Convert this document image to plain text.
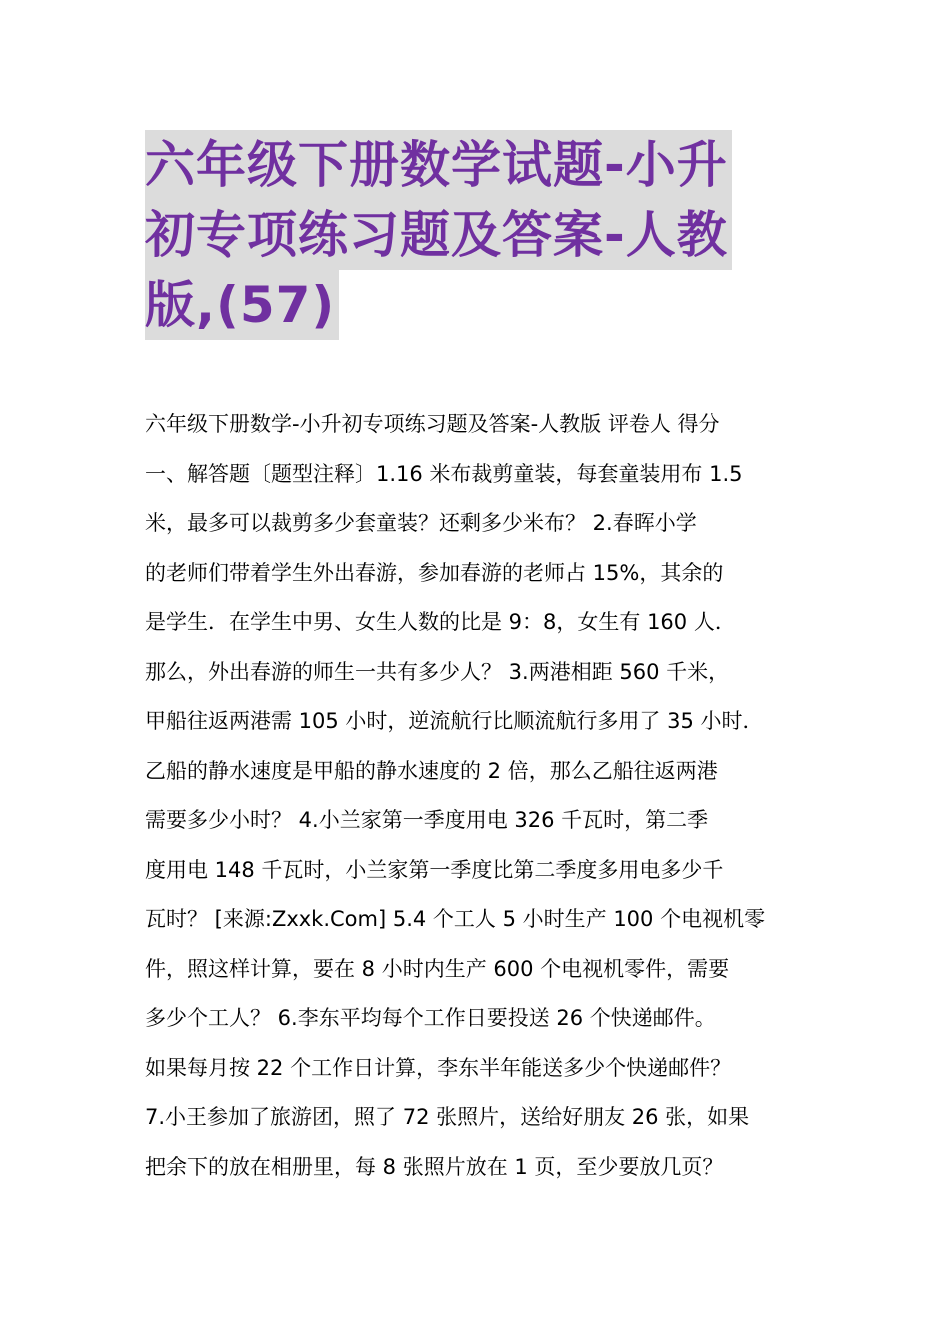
六年级下册数学试题-小升
初专项练习题及答案-人教
版,(57)
六年级下册数学-小升初专项练习题及答案-人教版 评卷人 得分
一、解答题〔题型注释〕1.16 米布裁剪童装，每套童装用布 1.5
米，最多可以裁剪多少套童装？还剩多少米布？ 2.春晖小学
的老师们带着学生外出春游，参加春游的老师占 15%，其余的
是学生．在学生中男、女生人数的比是 9：8，女生有 160 人．
那么，外出春游的师生一共有多少人？ 3.两港相距 560 千米，
甲船往返两港需 105 小时，逆流航行比顺流航行多用了 35 小时．
乙船的静水速度是甲船的静水速度的 2 倍，那么乙船往返两港
需要多少小时？ 4.小兰家第一季度用电 326 千瓦时，第二季
度用电 148 千瓦时，小兰家第一季度比第二季度多用电多少千
瓦时？ [来源:Zxxk.Com] 5.4 个工人 5 小时生产 100 个电视机零
件，照这样计算，要在 8 小时内生产 600 个电视机零件，需要
多少个工人？ 6.李东平均每个工作日要投送 26 个快递邮件。
如果每月按 22 个工作日计算，李东半年能送多少个快递邮件？
7.小王参加了旅游团，照了 72 张照片，送给好朋友 26 张，如果
把余下的放在相册里，每 8 张照片放在 1 页，至少要放几页？
